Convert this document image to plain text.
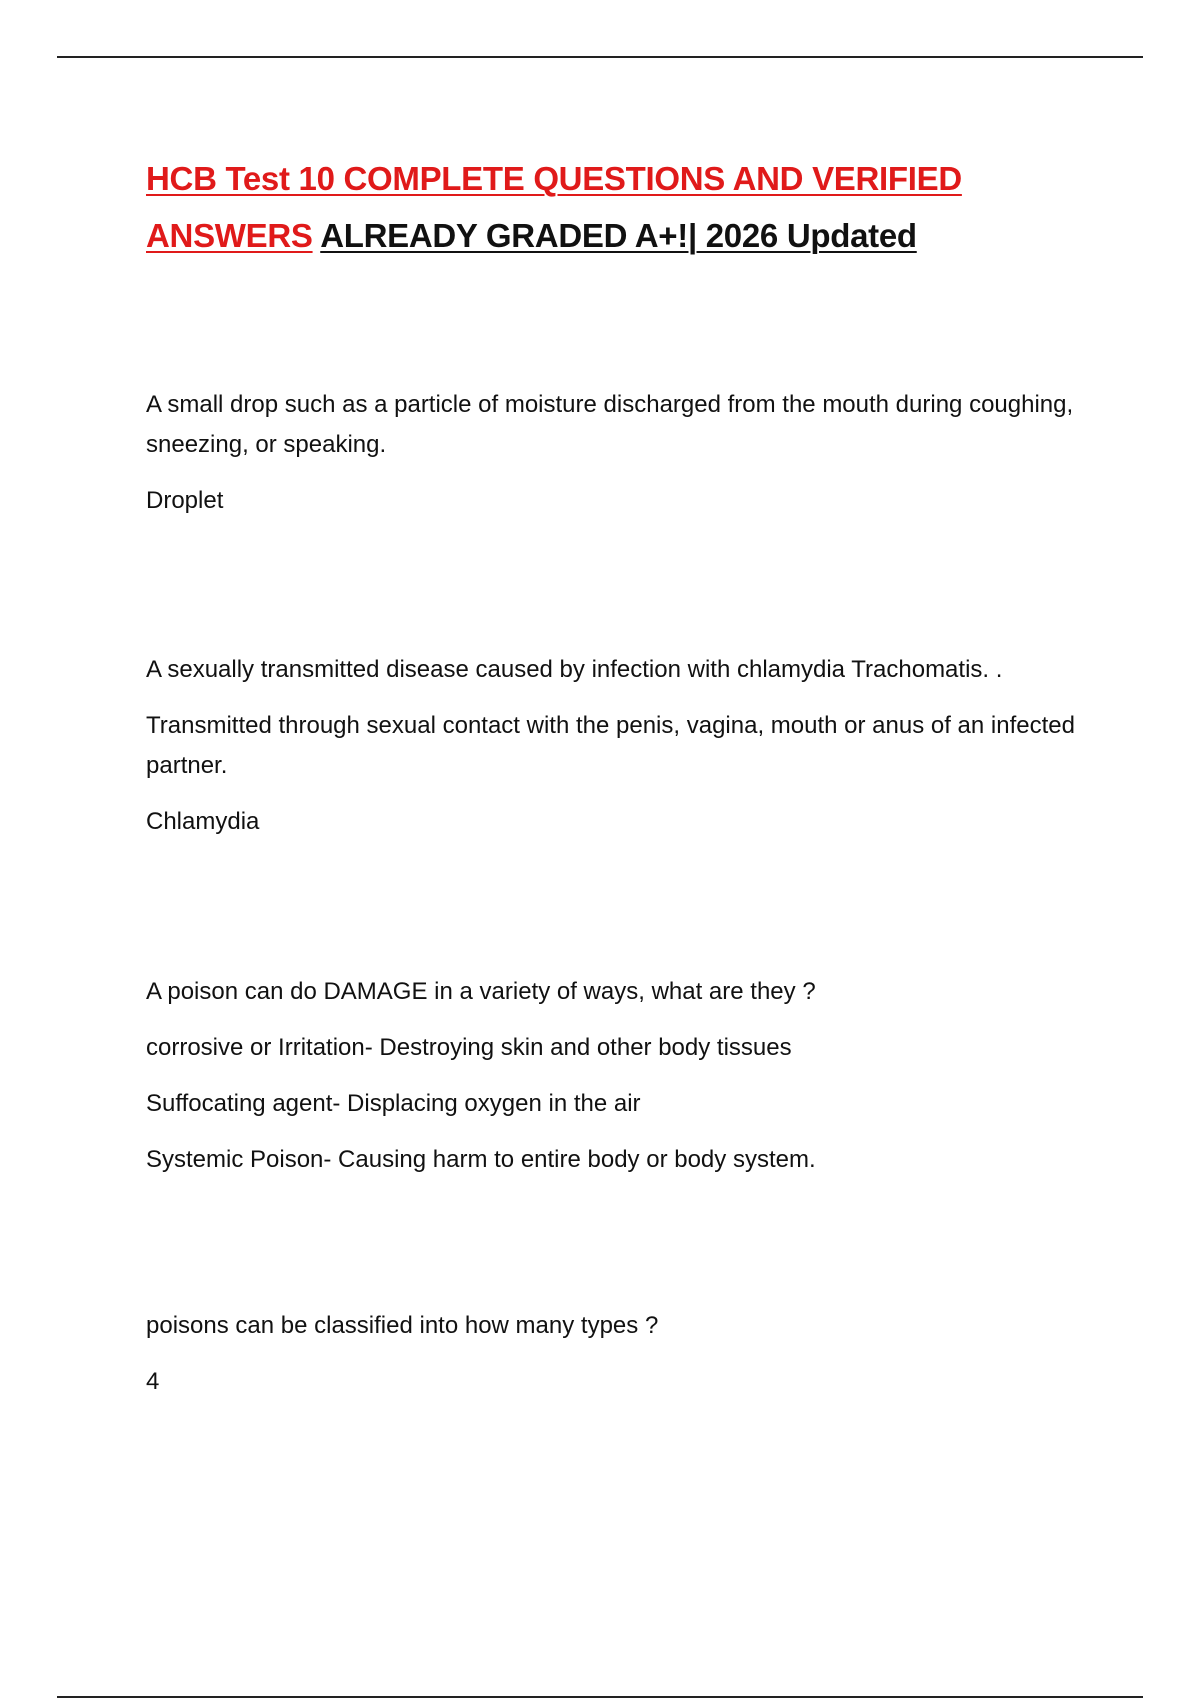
HCB Test 10 COMPLETE QUESTIONS AND VERIFIED ANSWERS ALREADY GRADED A+!| 2026 Updated

A small drop such as a particle of moisture discharged from the mouth during coughing, sneezing, or speaking.

Droplet

A sexually transmitted disease caused by infection with chlamydia Trachomatis. .

Transmitted through sexual contact with the penis, vagina, mouth or anus of an infected partner.

Chlamydia

A poison can do DAMAGE in a variety of ways, what are they ?

corrosive or Irritation- Destroying skin and other body tissues

Suffocating agent- Displacing oxygen in the air

Systemic Poison- Causing harm to entire body or body system.

poisons can be classified into how many types ?

4
